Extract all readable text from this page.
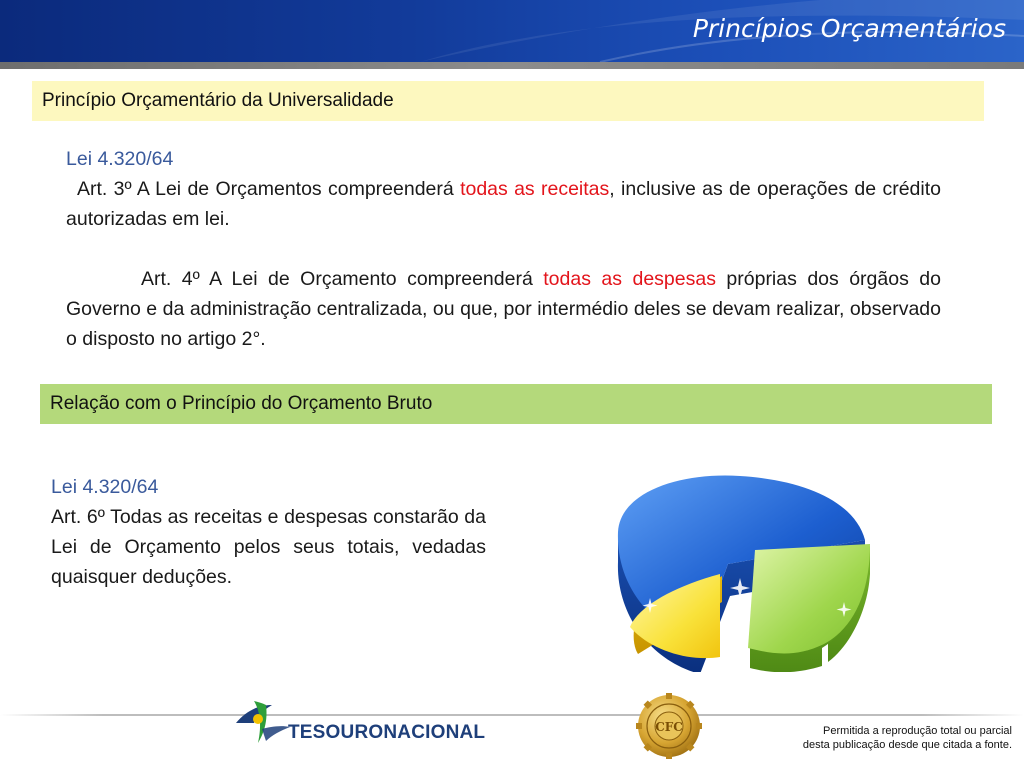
Princípios Orçamentários
Princípio Orçamentário da Universalidade
Lei 4.320/64

Art. 3º A Lei de Orçamentos compreenderá todas as receitas, inclusive as de operações de crédito autorizadas em lei.

Art. 4º A Lei de Orçamento compreenderá todas as despesas próprias dos órgãos do Governo e da administração centralizada, ou que, por intermédio deles se devam realizar, observado o disposto no artigo 2°.

Relação com o Princípio do Orçamento Bruto
Lei 4.320/64

Art. 6º Todas as receitas e despesas constarão da Lei de Orçamento pelos seus totais, vedadas quaisquer deduções.

TESOURONACIONAL	CFC	Permitida a reprodução total ou parcial
desta publicação desde que citada a fonte.
